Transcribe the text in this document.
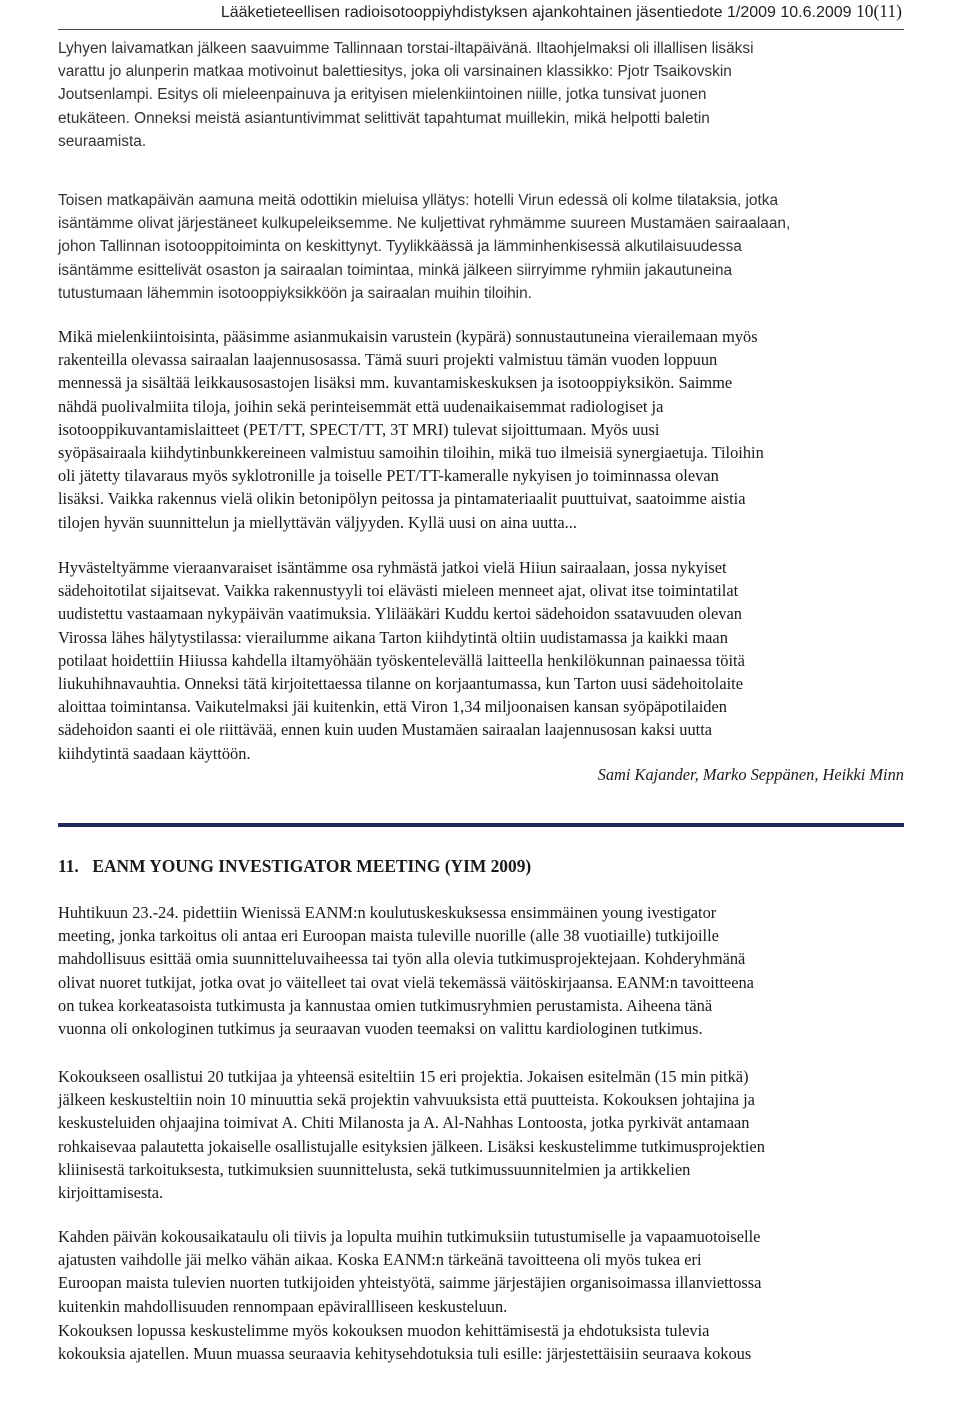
Lääketieteellisen radioisotooppiyhdistyksen ajankohtainen jäsentiedote 1/2009 10.6.2009 10(11)

Lyhyen laivamatkan jälkeen saavuimme Tallinnaan torstai-iltapäivänä. Iltaohjelmaksi oli illallisen lisäksi
varattu jo alunperin matkaa motivoinut balettiesitys, joka oli varsinainen klassikko: Pjotr Tsaikovskin
Joutsenlampi. Esitys oli mieleenpainuva ja erityisen mielenkiintoinen niille, jotka tunsivat juonen
etukäteen. Onneksi meistä asiantuntivimmat selittivät tapahtumat muillekin, mikä helpotti baletin
seuraamista.

Toisen matkapäivän aamuna meitä odottikin mieluisa yllätys: hotelli Virun edessä oli kolme tilataksia, jotka
isäntämme olivat järjestäneet kulkupeleiksemme. Ne kuljettivat ryhmämme suureen Mustamäen sairaalaan,
johon Tallinnan isotooppitoiminta on keskittynyt. Tyylikkäässä ja lämminhenkisessä alkutilaisuudessa
isäntämme esittelivät osaston ja sairaalan toimintaa, minkä jälkeen siirryimme ryhmiin jakautuneina
tutustumaan lähemmin isotooppiyksikköön ja sairaalan muihin tiloihin.

Mikä mielenkiintoisinta, pääsimme asianmukaisin varustein (kypärä) sonnustautuneina vierailemaan myös
rakenteilla olevassa sairaalan laajennusosassa. Tämä suuri projekti valmistuu tämän vuoden loppuun
mennessä ja sisältää leikkausosastojen lisäksi mm. kuvantamiskeskuksen ja isotooppiyksikön. Saimme
nähdä puolivalmiita tiloja, joihin sekä perinteisemmät että uudenaikaisemmat radiologiset ja
isotooppikuvantamislaitteet (PET/TT, SPECT/TT, 3T MRI) tulevat sijoittumaan. Myös uusi
syöpäsairaala kiihdytinbunkkereineen valmistuu samoihin tiloihin, mikä tuo ilmeisiä synergiaetuja. Tiloihin
oli jätetty tilavaraus myös syklotronille ja toiselle PET/TT-kameralle nykyisen jo toiminnassa olevan
lisäksi. Vaikka rakennus vielä olikin betonipölyn peitossa ja pintamateriaalit puuttuivat, saatoimme aistia
tilojen hyvän suunnittelun ja miellyttävän väljyyden. Kyllä uusi on aina uutta...

Hyvästeltyämme vieraanvaraiset isäntämme osa ryhmästä jatkoi vielä Hiiun sairaalaan, jossa nykyiset
sädehoitotilat sijaitsevat. Vaikka rakennustyyli toi elävästi mieleen menneet ajat, olivat itse toimintatilat
uudistettu vastaamaan nykypäivän vaatimuksia. Ylilääkäri Kuddu kertoi sädehoidon ssatavuuden olevan
Virossa lähes hälytystilassa: vierailumme aikana Tarton kiihdytintä oltiin uudistamassa ja kaikki maan
potilaat hoidettiin Hiiussa kahdella iltamyöhään työskentelevällä laitteella henkilökunnan painaessa töitä
liukuhihnavauhtia. Onneksi tätä kirjoitettaessa tilanne on korjaantumassa, kun Tarton uusi sädehoitolaite
aloittaa toimintansa. Vaikutelmaksi jäi kuitenkin, että Viron 1,34 miljoonaisen kansan syöpäpotilaiden
sädehoidon saanti ei ole riittävää, ennen kuin uuden Mustamäen sairaalan laajennusosan kaksi uutta
kiihdytintä saadaan käyttöön.

Sami Kajander, Marko Seppänen, Heikki Minn
11. EANM YOUNG INVESTIGATOR MEETING (YIM 2009)

Huhtikuun 23.-24. pidettiin Wienissä EANM:n koulutuskeskuksessa ensimmäinen young ivestigator
meeting, jonka tarkoitus oli antaa eri Euroopan maista tuleville nuorille (alle 38 vuotiaille) tutkijoille
mahdollisuus esittää omia suunnitteluvaiheessa tai työn alla olevia tutkimusprojektejaan. Kohderyhmänä
olivat nuoret tutkijat, jotka ovat jo väitelleet tai ovat vielä tekemässä väitöskirjaansa. EANM:n tavoitteena
on tukea korkeatasoista tutkimusta ja kannustaa omien tutkimusryhmien perustamista. Aiheena tänä
vuonna oli onkologinen tutkimus ja seuraavan vuoden teemaksi on valittu kardiologinen tutkimus.

Kokoukseen osallistui 20 tutkijaa ja yhteensä esiteltiin 15 eri projektia. Jokaisen esitelmän (15 min pitkä)
jälkeen keskusteltiin noin 10 minuuttia sekä projektin vahvuuksista että puutteista. Kokouksen johtajina ja
keskusteluiden ohjaajina toimivat A. Chiti Milanosta ja A. Al-Nahhas Lontoosta, jotka pyrkivät antamaan
rohkaisevaa palautetta jokaiselle osallistujalle esityksien jälkeen. Lisäksi keskustelimme tutkimusprojektien
kliinisestä tarkoituksesta, tutkimuksien suunnittelusta, sekä tutkimussuunnitelmien ja artikkelien
kirjoittamisesta.

Kahden päivän kokousaikataulu oli tiivis ja lopulta muihin tutkimuksiin tutustumiselle ja vapaamuotoiselle
ajatusten vaihdolle jäi melko vähän aikaa. Koska EANM:n tärkeänä tavoitteena oli myös tukea eri
Euroopan maista tulevien nuorten tutkijoiden yhteistyötä, saimme järjestäjien organisoimassa illanviettossa
kuitenkin mahdollisuuden rennompaan epävirallliseen keskusteluun.

Kokouksen lopussa keskustelimme myös kokouksen muodon kehittämisestä ja ehdotuksista tulevia
kokouksia ajatellen. Muun muassa seuraavia kehitysehdotuksia tuli esille: järjestettäisiin seuraava kokous
